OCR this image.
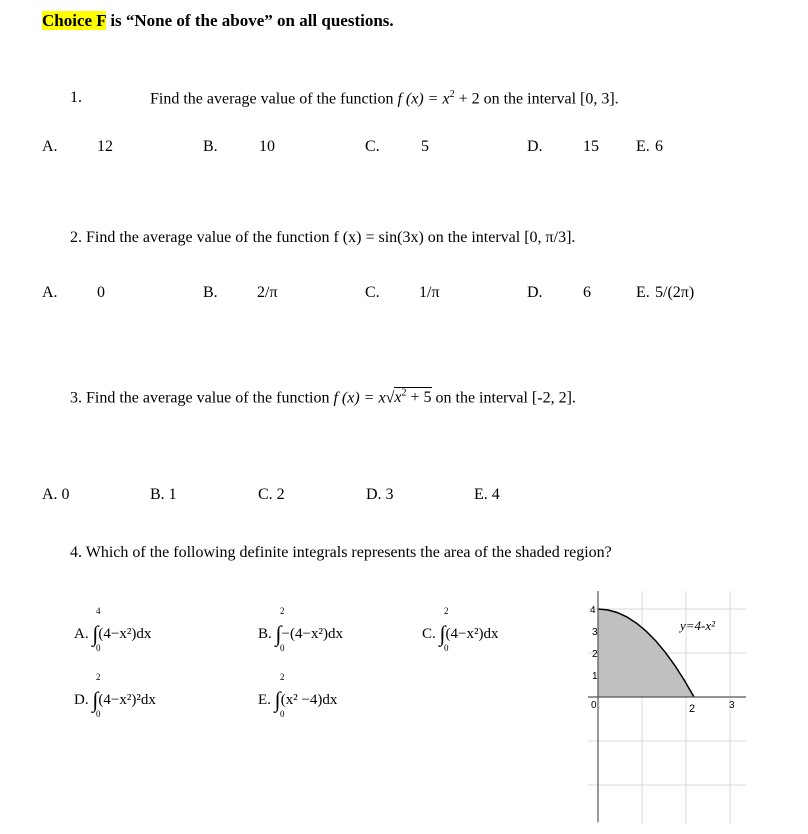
Choice F is “None of the above” on all questions.
1.	Find the average value of the function f $(x) = x^2 + 2$ on the interval [0, 3].
A. 12	B.	10	C.	5	D.	15 E. 6
2. Find the average value of the function f (x) = sin(3x) on the interval [0, π/3].
A. 0	B. 2/π	C. 1/π	D.	6	E. 5/(2π)
3. Find the average value of the function f $(x) = x√x^2 + 5$ on the interval [-2, 2].
A. 0	B. 1	C. 2	D. 3	E. 4
4. Which of the following definite integrals represents the area of the shaded region?
A. ∫
4
0
(4−x²)dx	B. ∫
2
0
−(4−x²)dx	C. ∫
2
0
(4−x²)dx
D. ∫
2
0
(4−x²)²dx	E. ∫
2
0
(x² −4)dx
4
3
2
1
0	2	3
y=4-x²
